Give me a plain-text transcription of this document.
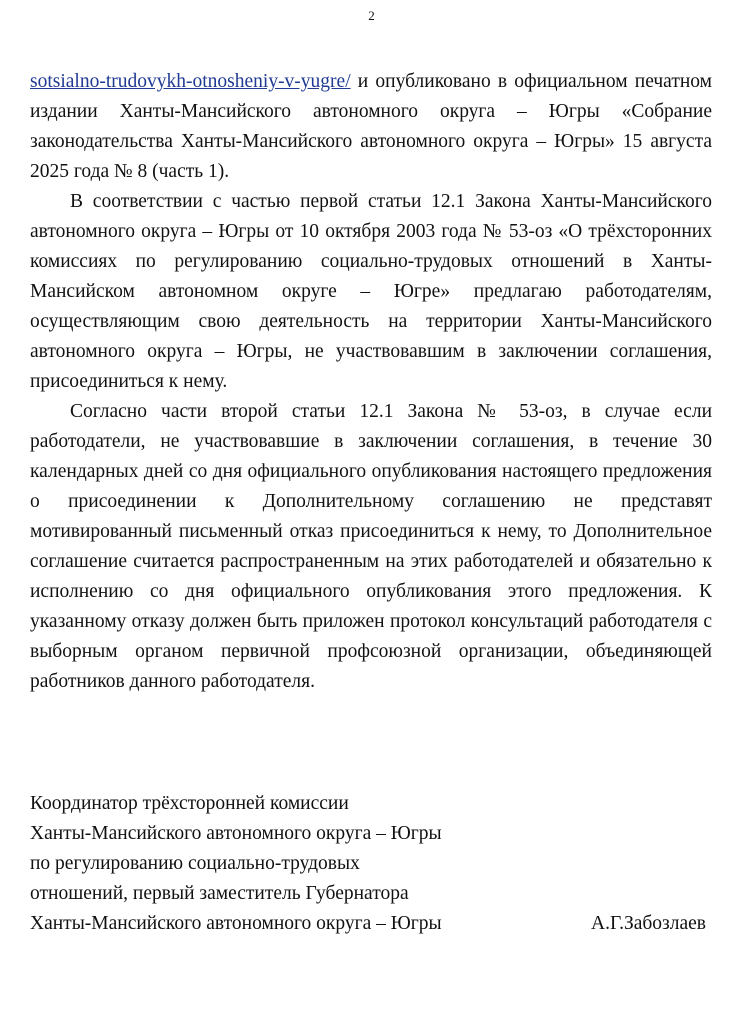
2

sotsialno-trudovykh-otnosheniy-v-yugre/ и опубликовано в официальном печатном издании Ханты-Мансийского автономного округа – Югры «Собрание законодательства Ханты-Мансийского автономного округа – Югры» 15 августа 2025 года № 8 (часть 1).

В соответствии с частью первой статьи 12.1 Закона Ханты-Мансийского автономного округа – Югры от 10 октября 2003 года № 53-оз «О трёхсторонних комиссиях по регулированию социально-трудовых отношений в Ханты-Мансийском автономном округе – Югре» предлагаю работодателям, осуществляющим свою деятельность на территории Ханты-Мансийского автономного округа – Югры, не участвовавшим в заключении соглашения, присоединиться к нему.

Согласно части второй статьи 12.1 Закона № 53-оз, в случае если работодатели, не участвовавшие в заключении соглашения, в течение 30 календарных дней со дня официального опубликования настоящего предложения о присоединении к Дополнительному соглашению не представят мотивированный письменный отказ присоединиться к нему, то Дополнительное соглашение считается распространенным на этих работодателей и обязательно к исполнению со дня официального опубликования этого предложения. К указанному отказу должен быть приложен протокол консультаций работодателя с выборным органом первичной профсоюзной организации, объединяющей работников данного работодателя.

Координатор трёхсторонней комиссии
Ханты-Мансийского автономного округа – Югры
по регулированию социально-трудовых
отношений, первый заместитель Губернатора
Ханты-Мансийского автономного округа – Югры	А.Г.Забозлаев
